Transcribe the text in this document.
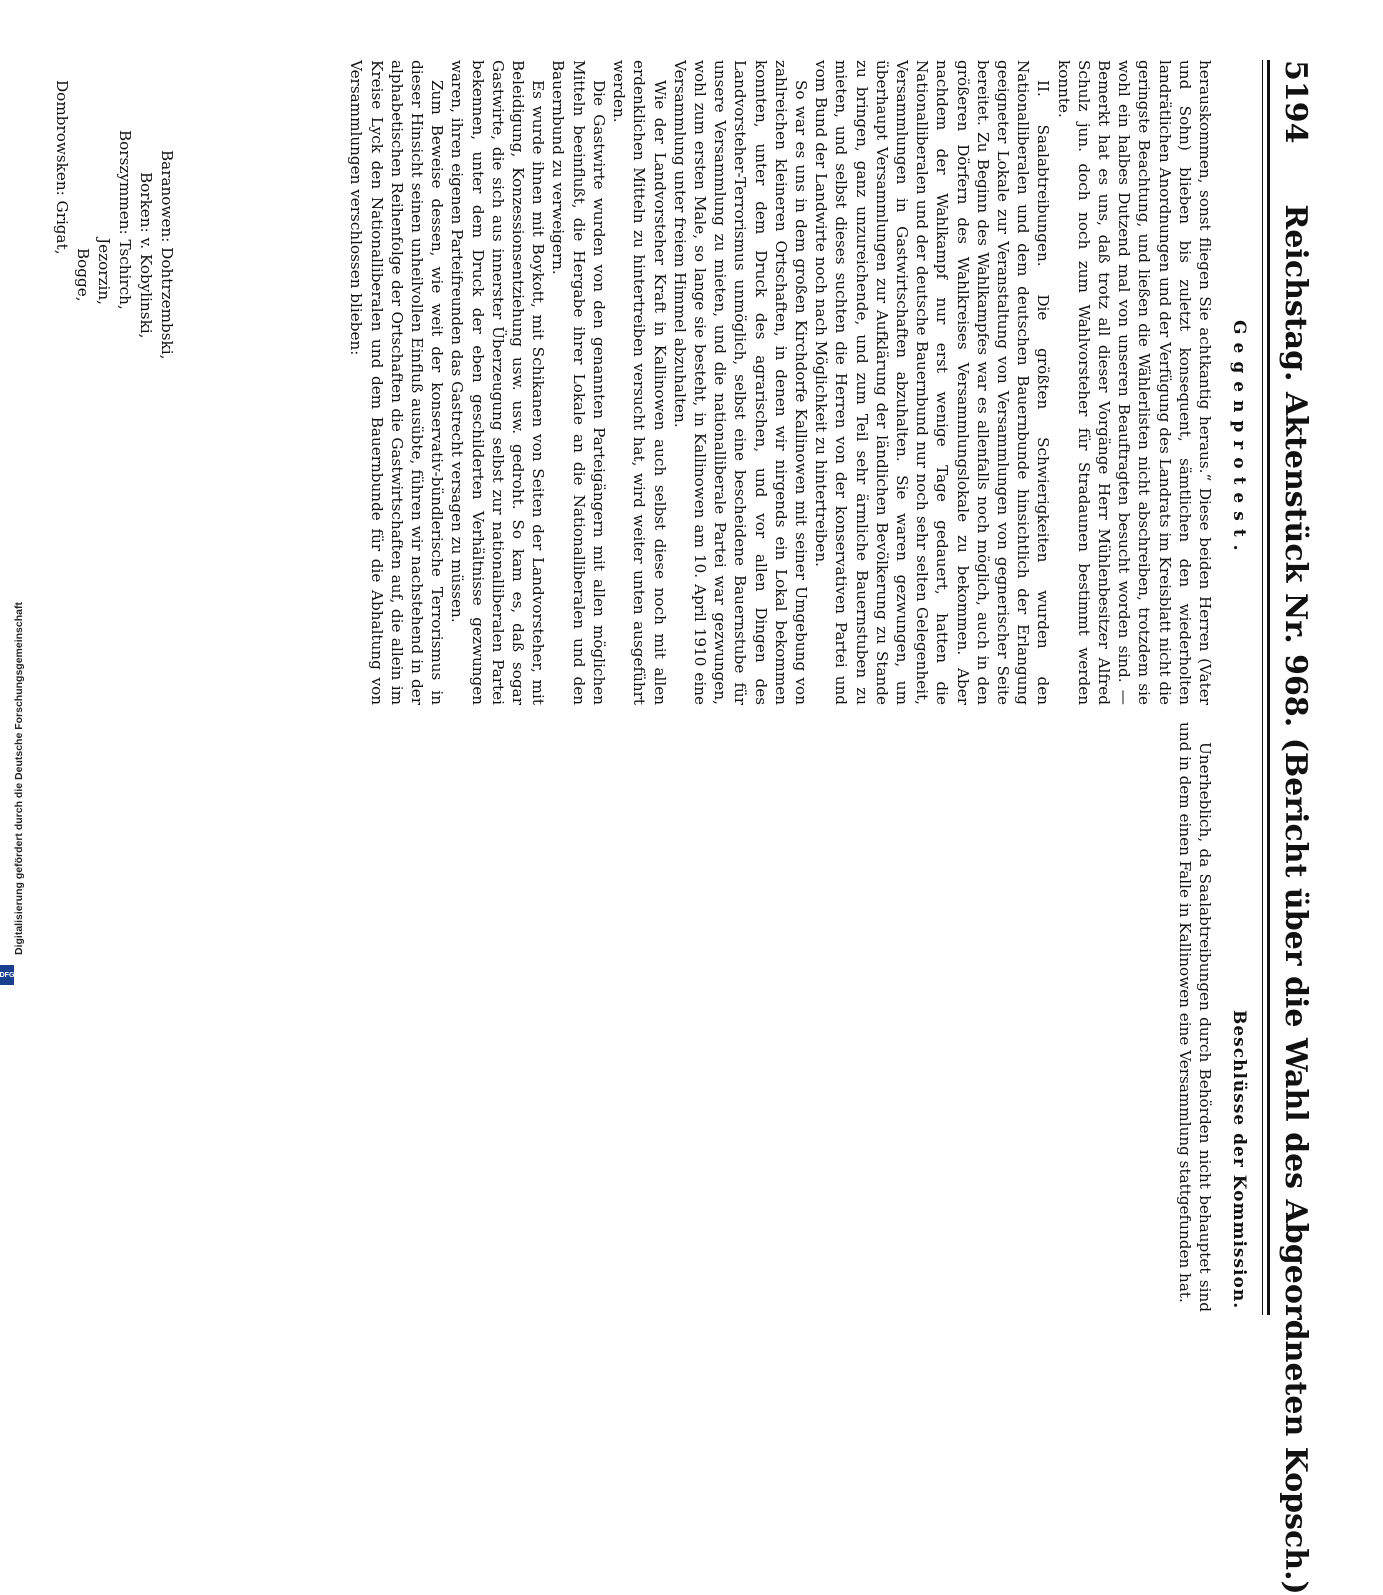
5194  Reichstag. Aktenstück Nr. 968. (Bericht über die Wahl des Abgeordneten Kopsch.)
Gegenprotest.
Beschlüsse der Kommission.

herauskommen, sonst fliegen Sie achtkantig heraus.“ Diese beiden Herren (Vater und Sohn) blieben bis zuletzt konsequent, sämtlichen den wiederholten landrätlichen Anordnungen und der Verfügung des Landrats im Kreisblatt nicht die geringste Beachtung, und ließen die Wählerlisten nicht abschreiben, trotzdem sie wohl ein halbes Dutzend mal von unseren Beauftragten besucht worden sind. — Bemerkt hat es uns, daß trotz all dieser Vorgänge Herr Mühlenbesitzer Alfred Schulz jun. doch noch zum Wahlvorsteher für Stradaunen bestimmt werden konnte.

II. Saalabtreibungen. Die größten Schwierigkeiten wurden den Nationalliberalen und dem deutschen Bauernbunde hinsichtlich der Erlangung geeigneter Lokale zur Veranstaltung von Versammlungen von gegnerischer Seite bereitet. Zu Beginn des Wahlkampfes war es allenfalls noch möglich, auch in den größeren Dörfern des Wahlkreises Versammlungslokale zu bekommen. Aber nachdem der Wahlkampf nur erst wenige Tage gedauert, hatten die Nationalliberalen und der deutsche Bauernbund nur noch sehr selten Gelegenheit, Versammlungen in Gastwirtschaften abzuhalten. Sie waren gezwungen, um überhaupt Versammlungen zur Aufklärung der ländlichen Bevölkerung zu Stande zu bringen, ganz unzureichende, und zum Teil sehr ärmliche Bauernstuben zu mieten, und selbst dieses suchten die Herren von der konservativen Partei und vom Bund der Landwirte noch nach Möglichkeit zu hintertreiben.

So war es uns in dem großen Kirchdorfe Kallinowen mit seiner Umgebung von zahlreichen kleineren Ortschaften, in denen wir nirgends ein Lokal bekommen konnten, unter dem Druck des agrarischen, und vor allen Dingen des Landvorsteher-Terrorismus unmöglich, selbst eine bescheidene Bauernstube für unsere Versammlung zu mieten, und die nationalliberale Partei war gezwungen, wohl zum ersten Male, so lange sie besteht, in Kallinowen am 10. April 1910 eine Versammlung unter freiem Himmel abzuhalten.

Wie der Landvorsteher Kraft in Kallinowen auch selbst diese noch mit allen erdenklichen Mitteln zu hintertreiben versucht hat, wird weiter unten ausgeführt werden.

Die Gastwirte wurden von den genannten Parteigängern mit allen möglichen Mitteln beeinflußt, die Hergabe ihrer Lokale an die Nationalliberalen und den Bauernbund zu verweigern.

Es wurde ihnen mit Boykott, mit Schikanen von Seiten der Landvorsteher, mit Beleidigung, Konzessionsentziehung usw. usw. gedroht. So kam es, daß sogar Gastwirte, die sich aus innerster Überzeugung selbst zur nationalliberalen Partei bekennen, unter dem Druck der eben geschilderten Verhältnisse gezwungen waren, ihren eigenen Parteifreunden das Gastrecht versagen zu müssen.

Zum Beweise dessen, wie weit der konservativ-bündlerische Terrorismus in dieser Hinsicht seinen unheilvollen Einfluß ausübte, führen wir nachstehend in der alphabetischen Reihenfolge der Ortschaften die Gastwirtschaften auf, die allein im Kreise Lyck den Nationalliberalen und dem Bauernbunde für die Abhaltung von Versammlungen verschlossen blieben:

Baranowen: Dohtrzembski,
Borken: v. Kobylinski,
Borszymmen: Tschirch,
Jezorzin,
Bogge,
Dombrowsken: Grigat,

Unerheblich, da Saalabtreibungen durch Behörden nicht behauptet sind und in dem einen Falle in Kallinowen eine Versammlung stattgefunden hat.

Digitalisierung gefördert durch die Deutsche Forschungsgemeinschaft
DFG
